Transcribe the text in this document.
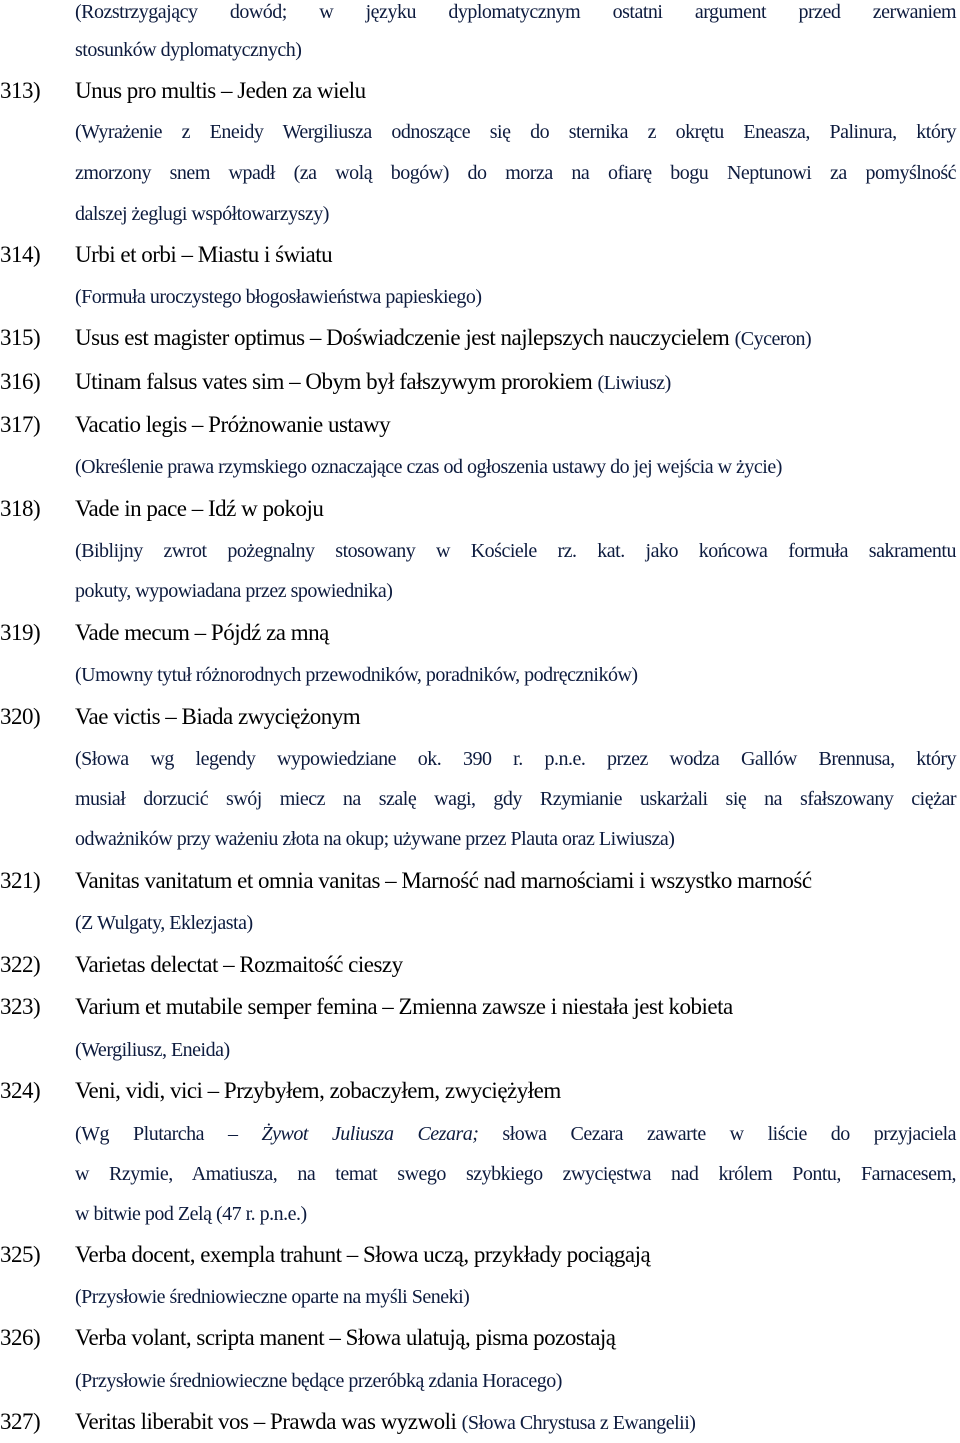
(Rozstrzygający dowód; w języku dyplomatycznym ostatni argument przed zerwaniem
stosunków dyplomatycznych)
313) Unus pro multis – Jeden za wielu
(Wyrażenie z Eneidy Wergiliusza odnoszące się do sternika z okrętu Eneasza, Palinura, który
zmorzony snem wpadł (za wolą bogów) do morza na ofiarę bogu Neptunowi za pomyślność
dalszej żeglugi współtowarzyszy)
314) Urbi et orbi – Miastu i światu
(Formuła uroczystego błogosławieństwa papieskiego)
315) Usus est magister optimus – Doświadczenie jest najlepszych nauczycielem (Cyceron)
316) Utinam falsus vates sim – Obym był fałszywym prorokiem (Liwiusz)
317) Vacatio legis – Próżnowanie ustawy
(Określenie prawa rzymskiego oznaczające czas od ogłoszenia ustawy do jej wejścia w życie)
318) Vade in pace – Idź w pokoju
(Biblijny zwrot pożegnalny stosowany w Kościele rz. kat. jako końcowa formuła sakramentu
pokuty, wypowiadana przez spowiednika)
319) Vade mecum – Pójdź za mną
(Umowny tytuł różnorodnych przewodników, poradników, podręczników)
320) Vae victis – Biada zwyciężonym
(Słowa wg legendy wypowiedziane ok. 390 r. p.n.e. przez wodza Gallów Brennusa, który
musiał dorzucić swój miecz na szalę wagi, gdy Rzymianie uskarżali się na sfałszowany ciężar
odważników przy ważeniu złota na okup; używane przez Plauta oraz Liwiusza)
321) Vanitas vanitatum et omnia vanitas – Marność nad marnościami i wszystko marność
(Z Wulgaty, Eklezjasta)
322) Varietas delectat – Rozmaitość cieszy
323) Varium et mutabile semper femina – Zmienna zawsze i niestała jest kobieta
(Wergiliusz, Eneida)
324) Veni, vidi, vici – Przybyłem, zobaczyłem, zwyciężyłem
(Wg Plutarcha – Żywot Juliusza Cezara; słowa Cezara zawarte w liście do przyjaciela
w Rzymie, Amatiusza, na temat swego szybkiego zwycięstwa nad królem Pontu, Farnacesem,
w bitwie pod Zelą (47 r. p.n.e.)
325) Verba docent, exempla trahunt – Słowa uczą, przykłady pociągają
(Przysłowie średniowieczne oparte na myśli Seneki)
326) Verba volant, scripta manent – Słowa ulatują, pisma pozostają
(Przysłowie średniowieczne będące przeróbką zdania Horacego)
327) Veritas liberabit vos – Prawda was wyzwoli (Słowa Chrystusa z Ewangelii)
